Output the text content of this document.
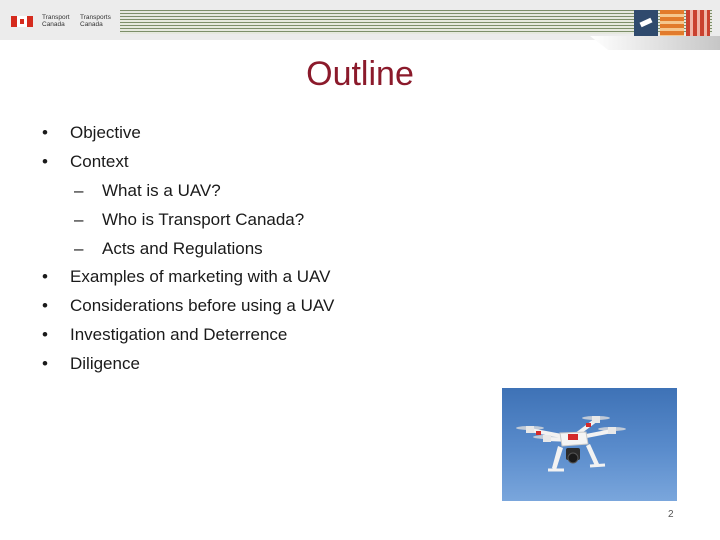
Transport
Canada
Transports
Canada
Outline
• Objective
• Context
– What is a UAV?
– Who is Transport Canada?
– Acts and Regulations
• Examples of marketing with a UAV
• Considerations before using a UAV
• Investigation and Deterrence
• Diligence
2
